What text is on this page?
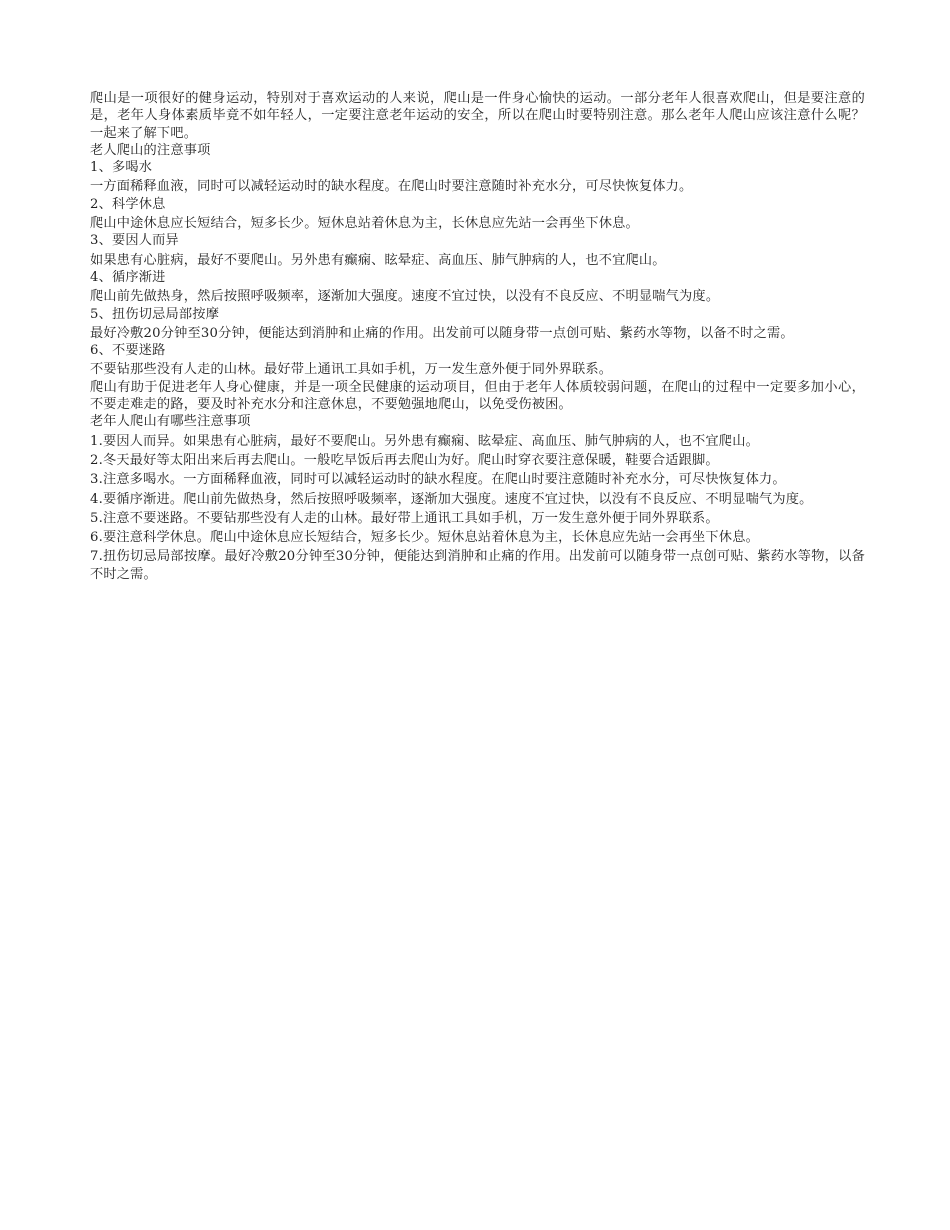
爬山是一项很好的健身运动，特别对于喜欢运动的人来说，爬山是一件身心愉快的运动。一部分老年人很喜欢爬山，但是要注意的是，老年人身体素质毕竟不如年轻人，一定要注意老年运动的安全，所以在爬山时要特别注意。那么老年人爬山应该注意什么呢？一起来了解下吧。

老人爬山的注意事项

1、多喝水

一方面稀释血液，同时可以减轻运动时的缺水程度。在爬山时要注意随时补充水分，可尽快恢复体力。

2、科学休息

爬山中途休息应长短结合，短多长少。短休息站着休息为主，长休息应先站一会再坐下休息。

3、要因人而异

如果患有心脏病，最好不要爬山。另外患有癫痫、眩晕症、高血压、肺气肿病的人，也不宜爬山。

4、循序渐进

爬山前先做热身，然后按照呼吸频率，逐渐加大强度。速度不宜过快，以没有不良反应、不明显喘气为度。

5、扭伤切忌局部按摩

最好冷敷20分钟至30分钟，便能达到消肿和止痛的作用。出发前可以随身带一点创可贴、紫药水等物，以备不时之需。

6、不要迷路

不要钻那些没有人走的山林。最好带上通讯工具如手机，万一发生意外便于同外界联系。

爬山有助于促进老年人身心健康，并是一项全民健康的运动项目，但由于老年人体质较弱问题，在爬山的过程中一定要多加小心，不要走难走的路，要及时补充水分和注意休息，不要勉强地爬山，以免受伤被困。

老年人爬山有哪些注意事项

1.要因人而异。如果患有心脏病，最好不要爬山。另外患有癫痫、眩晕症、高血压、肺气肿病的人，也不宜爬山。

2.冬天最好等太阳出来后再去爬山。一般吃早饭后再去爬山为好。爬山时穿衣要注意保暖，鞋要合适跟脚。

3.注意多喝水。一方面稀释血液，同时可以减轻运动时的缺水程度。在爬山时要注意随时补充水分，可尽快恢复体力。

4.要循序渐进。爬山前先做热身，然后按照呼吸频率，逐渐加大强度。速度不宜过快，以没有不良反应、不明显喘气为度。

5.注意不要迷路。不要钻那些没有人走的山林。最好带上通讯工具如手机，万一发生意外便于同外界联系。

6.要注意科学休息。爬山中途休息应长短结合，短多长少。短休息站着休息为主，长休息应先站一会再坐下休息。

7.扭伤切忌局部按摩。最好冷敷20分钟至30分钟，便能达到消肿和止痛的作用。出发前可以随身带一点创可贴、紫药水等物，以备不时之需。
